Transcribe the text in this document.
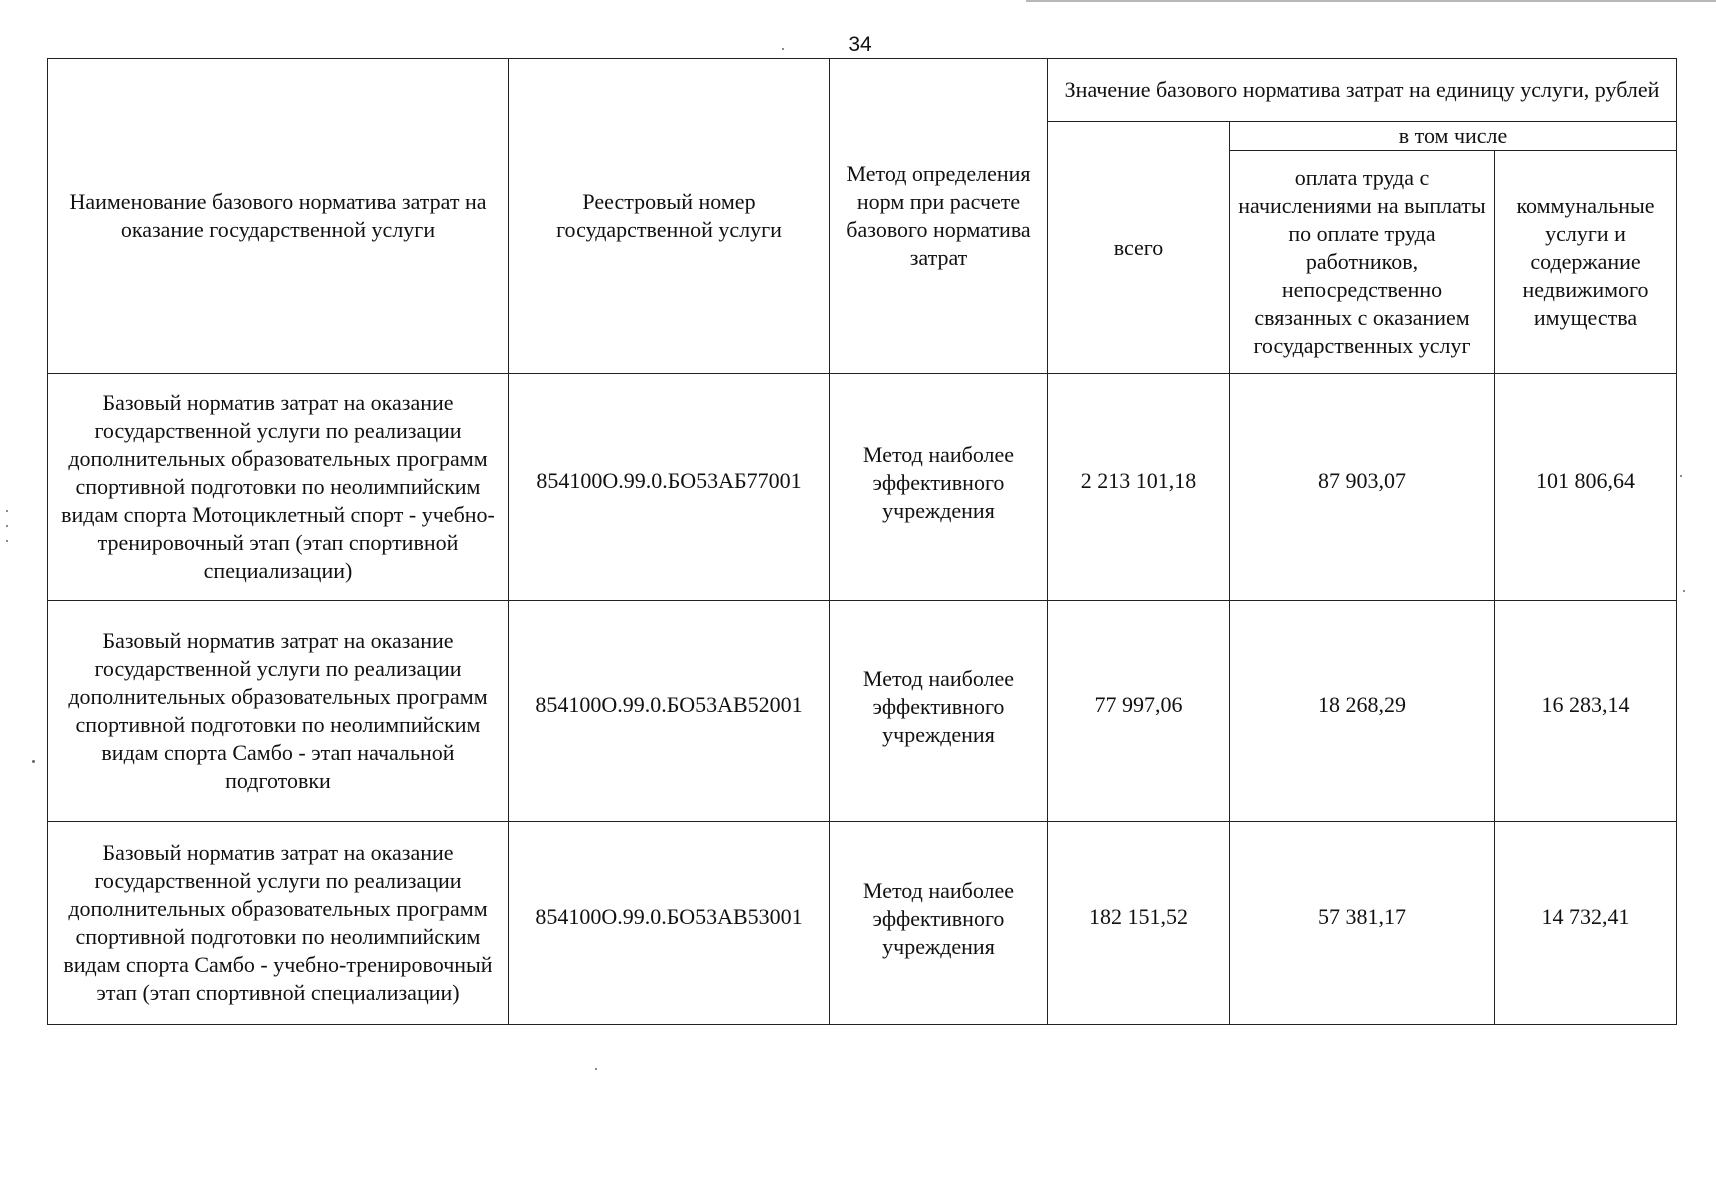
34
Наименование базового норматива затрат на оказание государственной услуги	Реестровый номер государственной услуги	Метод определения норм при расчете базового норматива затрат	Значение базового норматива затрат на единицу услуги, рублей		

			всего	в том числе	

				оплата труда с начислениями на выплаты по оплате труда работников, непосредственно связанных с оказанием государственных услуг	коммунальные услуги и содержание недвижимого имущества

Базовый норматив затрат на оказание государственной услуги по реализации дополнительных образовательных программ спортивной подготовки по неолимпийским видам спорта Мотоциклетный спорт - учебно-тренировочный этап (этап спортивной специализации)	854100О.99.0.БО53АБ77001	Метод наиболее эффективного учреждения	2 213 101,18	87 903,07	101 806,64

Базовый норматив затрат на оказание государственной услуги по реализации дополнительных образовательных программ спортивной подготовки по неолимпийским видам спорта Самбо - этап начальной подготовки	854100О.99.0.БО53АВ52001	Метод наиболее эффективного учреждения	77 997,06	18 268,29	16 283,14

Базовый норматив затрат на оказание государственной услуги по реализации дополнительных образовательных программ спортивной подготовки по неолимпийским видам спорта Самбо - учебно-тренировочный этап (этап спортивной специализации)	854100О.99.0.БО53АВ53001	Метод наиболее эффективного учреждения	182 151,52	57 381,17	14 732,41
